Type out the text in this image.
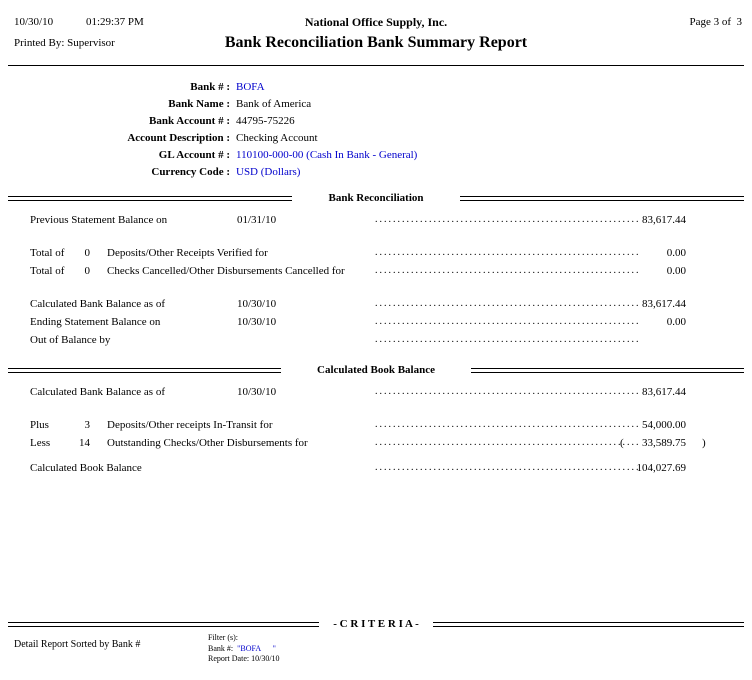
10/30/10	01:29:37 PM	National Office Supply, Inc.	Page 3 of  3
Printed By: Supervisor	Bank Reconciliation Bank Summary Report
Bank # : BOFA
Bank Name : Bank of America
Bank Account # : 44795-75226
Account Description : Checking Account
GL Account # : 110100-000-00 (Cash In Bank - General)
Currency Code : USD (Dollars)
Bank Reconciliation
Previous Statement Balance on	01/31/10 .....	83,617.44
Total of	0 Deposits/Other Receipts Verified for .....	0.00
Total of	0 Checks Cancelled/Other Disbursements Cancelled for .....	0.00
Calculated Bank Balance as of	10/30/10 .....	83,617.44
Ending Statement Balance on	10/30/10 .....	0.00
Out of Balance by
.....
Calculated Book Balance
Calculated Bank Balance as of	10/30/10 .....	83,617.44
Plus	3 Deposits/Other receipts In-Transit for .....	54,000.00
Less	14 Outstanding Checks/Other Disbursements for .....	(	33,589.75 )
Calculated Book Balance .....	104,027.69
- C R I T E R I A -
Detail Report Sorted by Bank #
Filter (s):
Bank #:  "BOFA      "
Report Date: 10/30/10
